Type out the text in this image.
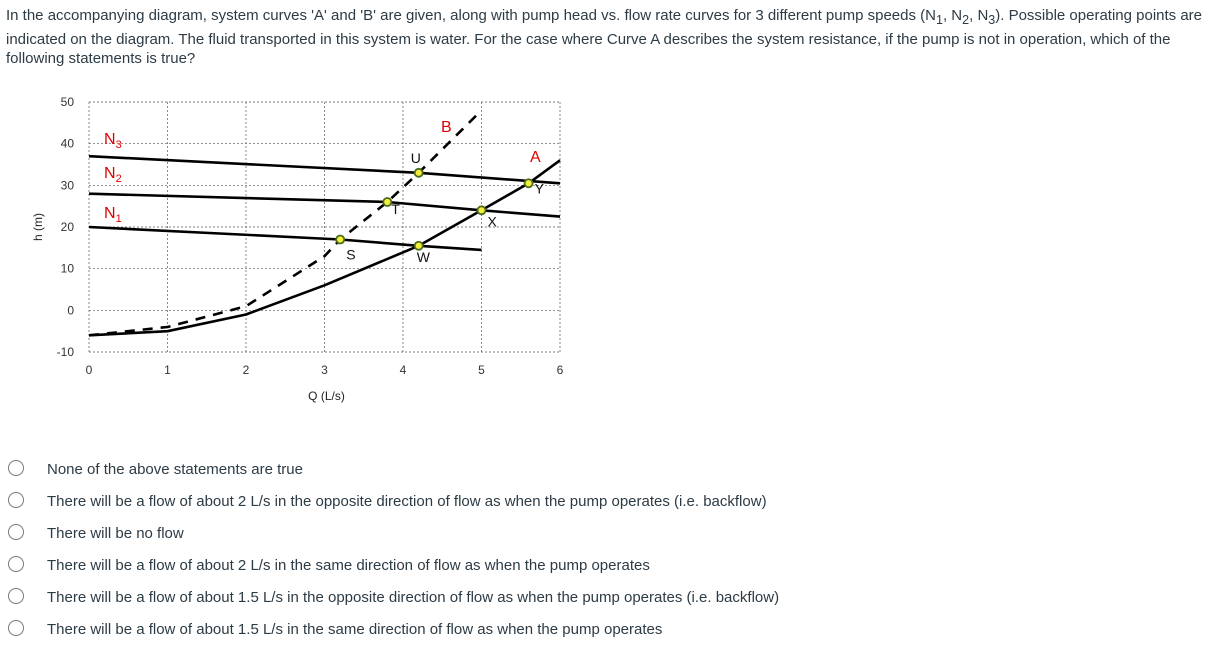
In the accompanying diagram, system curves 'A' and 'B' are given, along with pump head vs. flow rate curves for 3 different pump speeds ($N_1$, $N_2$, $N_3$). Possible operating points are indicated on the diagram. The fluid transported in this system is water. For the case where Curve A describes the system resistance, if the pump is not in operation, which of the following statements is true?
50
40
30
20
10
0
-10
0	1	2	3	4	5	6
Q (L/s)
h (m)
$N_3$
$N_2$
$N_1$
A
B
S
T
U
W
X
Y
None of the above statements are true
There will be a flow of about 2 L/s in the opposite direction of flow as when the pump operates (i.e. backflow)
There will be no flow
There will be a flow of about 2 L/s in the same direction of flow as when the pump operates
There will be a flow of about 1.5 L/s in the opposite direction of flow as when the pump operates (i.e. backflow)
There will be a flow of about 1.5 L/s in the same direction of flow as when the pump operates
